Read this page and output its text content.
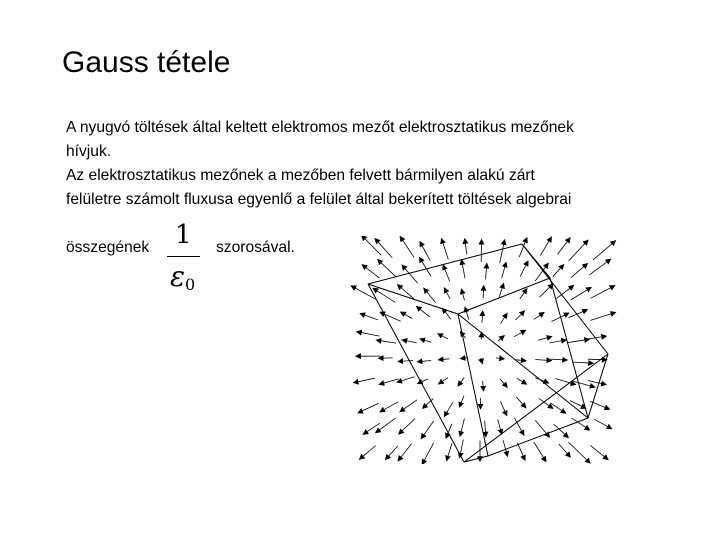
Gauss tétele

A nyugvó töltések által keltett elektromos mezőt elektrosztatikus mezőnek

hívjuk.

Az elektrosztatikus mezőnek a mezőben felvett bármilyen alakú zárt

felületre számolt fluxusa egyenlő a felület által bekerített töltések algebrai

összegének 1
$\varepsilon_0$
szorosával.
